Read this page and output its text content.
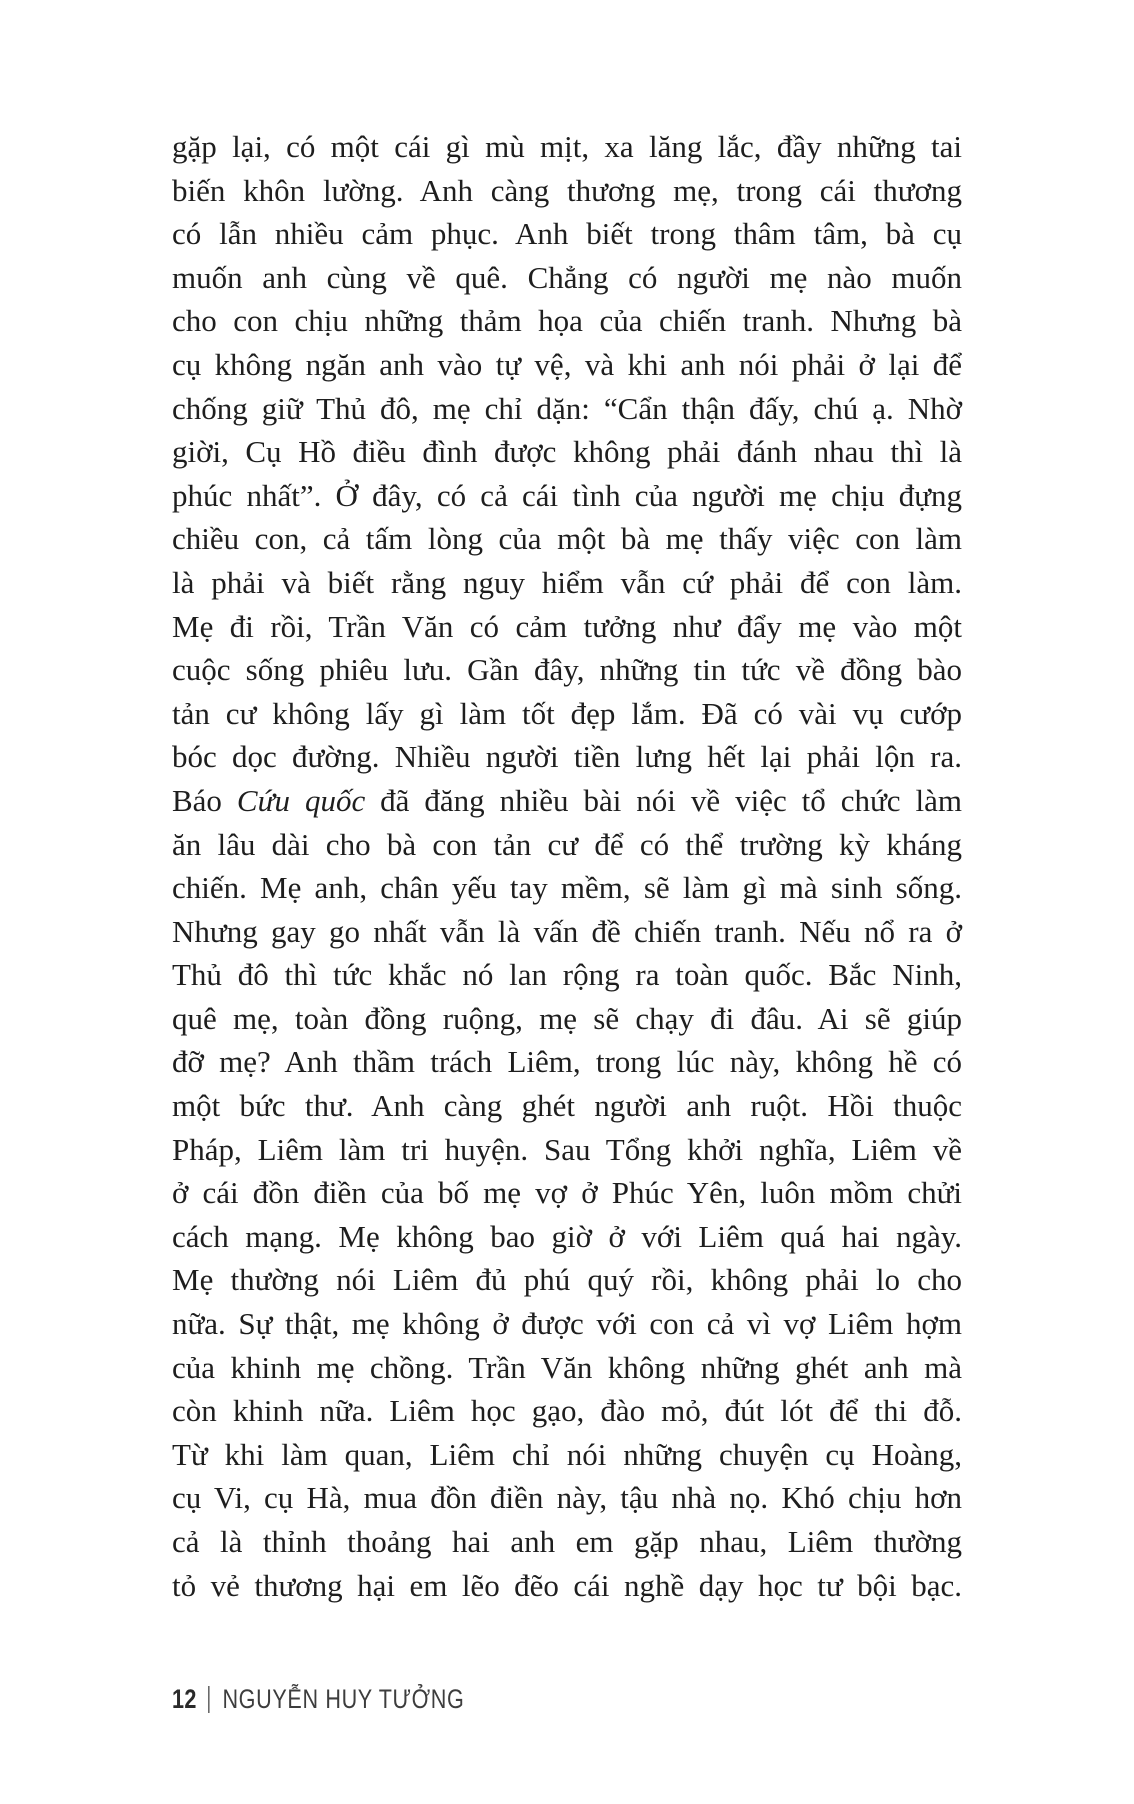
gặp lại, có một cái gì mù mịt, xa lăng lắc, đầy những tai
biến khôn lường. Anh càng thương mẹ, trong cái thương
có lẫn nhiều cảm phục. Anh biết trong thâm tâm, bà cụ
muốn anh cùng về quê. Chẳng có người mẹ nào muốn
cho con chịu những thảm họa của chiến tranh. Nhưng bà
cụ không ngăn anh vào tự vệ, và khi anh nói phải ở lại để
chống giữ Thủ đô, mẹ chỉ dặn: “Cẩn thận đấy, chú ạ. Nhờ
giời, Cụ Hồ điều đình được không phải đánh nhau thì là
phúc nhất”. Ở đây, có cả cái tình của người mẹ chịu đựng
chiều con, cả tấm lòng của một bà mẹ thấy việc con làm
là phải và biết rằng nguy hiểm vẫn cứ phải để con làm.
Mẹ đi rồi, Trần Văn có cảm tưởng như đẩy mẹ vào một
cuộc sống phiêu lưu. Gần đây, những tin tức về đồng bào
tản cư không lấy gì làm tốt đẹp lắm. Đã có vài vụ cướp
bóc dọc đường. Nhiều người tiền lưng hết lại phải lộn ra.
Báo Cứu quốc đã đăng nhiều bài nói về việc tổ chức làm
ăn lâu dài cho bà con tản cư để có thể trường kỳ kháng
chiến. Mẹ anh, chân yếu tay mềm, sẽ làm gì mà sinh sống.
Nhưng gay go nhất vẫn là vấn đề chiến tranh. Nếu nổ ra ở
Thủ đô thì tức khắc nó lan rộng ra toàn quốc. Bắc Ninh,
quê mẹ, toàn đồng ruộng, mẹ sẽ chạy đi đâu. Ai sẽ giúp
đỡ mẹ? Anh thầm trách Liêm, trong lúc này, không hề có
một bức thư. Anh càng ghét người anh ruột. Hồi thuộc
Pháp, Liêm làm tri huyện. Sau Tổng khởi nghĩa, Liêm về
ở cái đồn điền của bố mẹ vợ ở Phúc Yên, luôn mồm chửi
cách mạng. Mẹ không bao giờ ở với Liêm quá hai ngày.
Mẹ thường nói Liêm đủ phú quý rồi, không phải lo cho
nữa. Sự thật, mẹ không ở được với con cả vì vợ Liêm hợm
của khinh mẹ chồng. Trần Văn không những ghét anh mà
còn khinh nữa. Liêm học gạo, đào mỏ, đút lót để thi đỗ.
Từ khi làm quan, Liêm chỉ nói những chuyện cụ Hoàng,
cụ Vi, cụ Hà, mua đồn điền này, tậu nhà nọ. Khó chịu hơn
cả là thỉnh thoảng hai anh em gặp nhau, Liêm thường
tỏ vẻ thương hại em lẽo đẽo cái nghề dạy học tư bội bạc.
12 NGUYỄN HUY TƯỞNG
